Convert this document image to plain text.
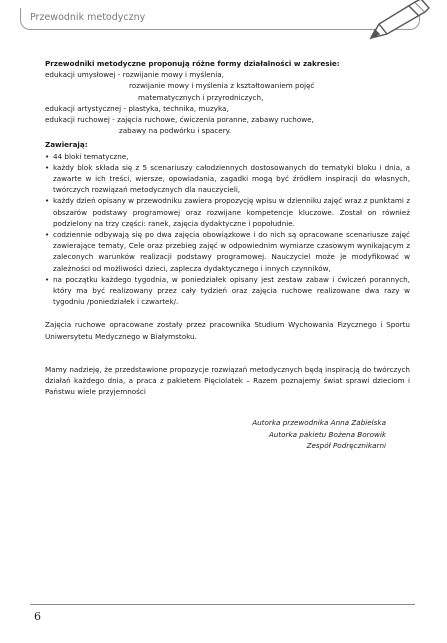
Przewodnik metodyczny
Przewodniki metodyczne proponują różne formy działalności w zakresie:
edukacji umysłowej - rozwijanie mowy i myślenia,
rozwijanie mowy i myślenia z kształtowaniem pojęć
matematycznych i przyrodniczych,
edukacji artystycznej - plastyka, technika, muzyka,
edukacji ruchowej - zajęcia ruchowe, ćwiczenia poranne, zabawy ruchowe,
zabawy na podwórku i spacery.
Zawierają:
• 44 bloki tematyczne,
• każdy blok składa się z 5 scenariuszy całodziennych dostosowanych do tematyki bloku i dnia, a zawarte w ich treści, wiersze, opowiadania, zagadki mogą być źródłem inspiracji do własnych, twórczych rozwiązań metodycznych dla nauczycieli,
• każdy dzień opisany w przewodniku zawiera propozycję wpisu w dzienniku zajęć wraz z punktami z obszarów podstawy programowej oraz rozwijane kompetencje kluczowe. Został on również podzielony na trzy części: ranek, zajęcia dydaktyczne i popołudnie.
• codziennie odbywają się po dwa zajęcia obowiązkowe i do nich są opracowane scenariusze zajęć zawierające tematy, Cele oraz przebieg zajęć w odpowiednim wymiarze czasowym wynikającym z zaleconych warunków realizacji podstawy programowej. Nauczyciel może je modyfikować w zależności od możliwości dzieci, zaplecza dydaktycznego i innych czynników,
• na początku każdego tygodnia, w poniedziałek opisany jest zestaw zabaw i ćwiczeń porannych, który ma być realizowany przez cały tydzień oraz zajęcia ruchowe realizowane dwa razy w tygodniu /poniedziałek i czwartek/.
Zajęcia ruchowe opracowane zostały przez pracownika Studium Wychowania Fizycznego i Sportu Uniwersytetu Medycznego w Białymstoku.
Mamy nadzieję, że przedstawione propozycje rozwiązań metodycznych będą inspiracją do twórczych działań każdego dnia, a praca z pakietem Pięciolatek – Razem poznajemy świat sprawi dzieciom i Państwu wiele przyjemności
Autorka przewodnika Anna Zabielska
Autorka pakietu Bożena Borowik
Zespół Podręcznikarni
6
